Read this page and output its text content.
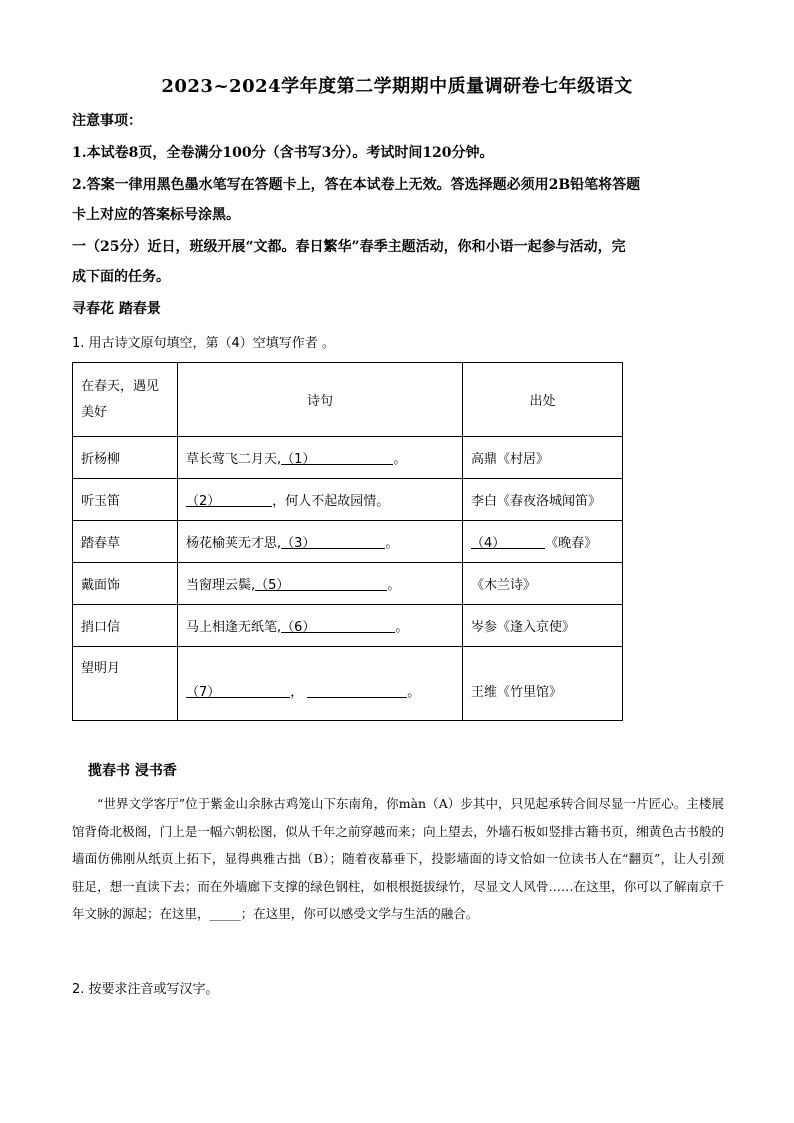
2023~2024学年度第二学期期中质量调研卷七年级语文
注意事项：
1.本试卷8页，全卷满分100分（含书写3分）。考试时间120分钟。
2.答案一律用黑色墨水笔写在答题卡上，答在本试卷上无效。答选择题必须用2B铅笔将答题
卡上对应的答案标号涂黑。
一（25分）近日，班级开展“文都。春日繁华”春季主题活动，你和小语一起参与活动，完
成下面的任务。
寻春花 踏春景
1. 用古诗文原句填空，第（4）空填写作者 。
在春天，遇见美好	诗句	出处
折杨柳	草长莺飞二月天,（1） 。	高鼎《村居》
听玉笛	（2） ，何人不起故园情。	李白《春夜洛城闻笛》
踏春草	杨花榆荚无才思,（3） 。	（4） 《晚春》
戴面饰	当窗理云鬓,（5） 。	《木兰诗》
捎口信	马上相逢无纸笔,（6） 。	岑参《逢入京使》
望明月	（7） ， 。	王维《竹里馆》
揽春书 浸书香

“世界文学客厅”位于紫金山余脉古鸡笼山下东南角，你màn（A）步其中，只见起承转合间尽显一片匠心。主楼展馆背倚北极阁，门上是一幅六朝松图，似从千年之前穿越而来；向上望去，外墙石板如竖排古籍书页，缃黄色古书般的墙面仿佛刚从纸页上拓下，显得典雅古拙（B）；随着夜幕垂下，投影墙面的诗文恰如一位读书人在“翻页”，让人引颈驻足，想一直读下去；而在外墙廊下支撑的绿色钢柱，如根根挺拔绿竹，尽显文人风骨……在这里，你可以了解南京千年文脉的源起；在这里，_____；在这里，你可以感受文学与生活的融合。

2. 按要求注音或写汉字。
